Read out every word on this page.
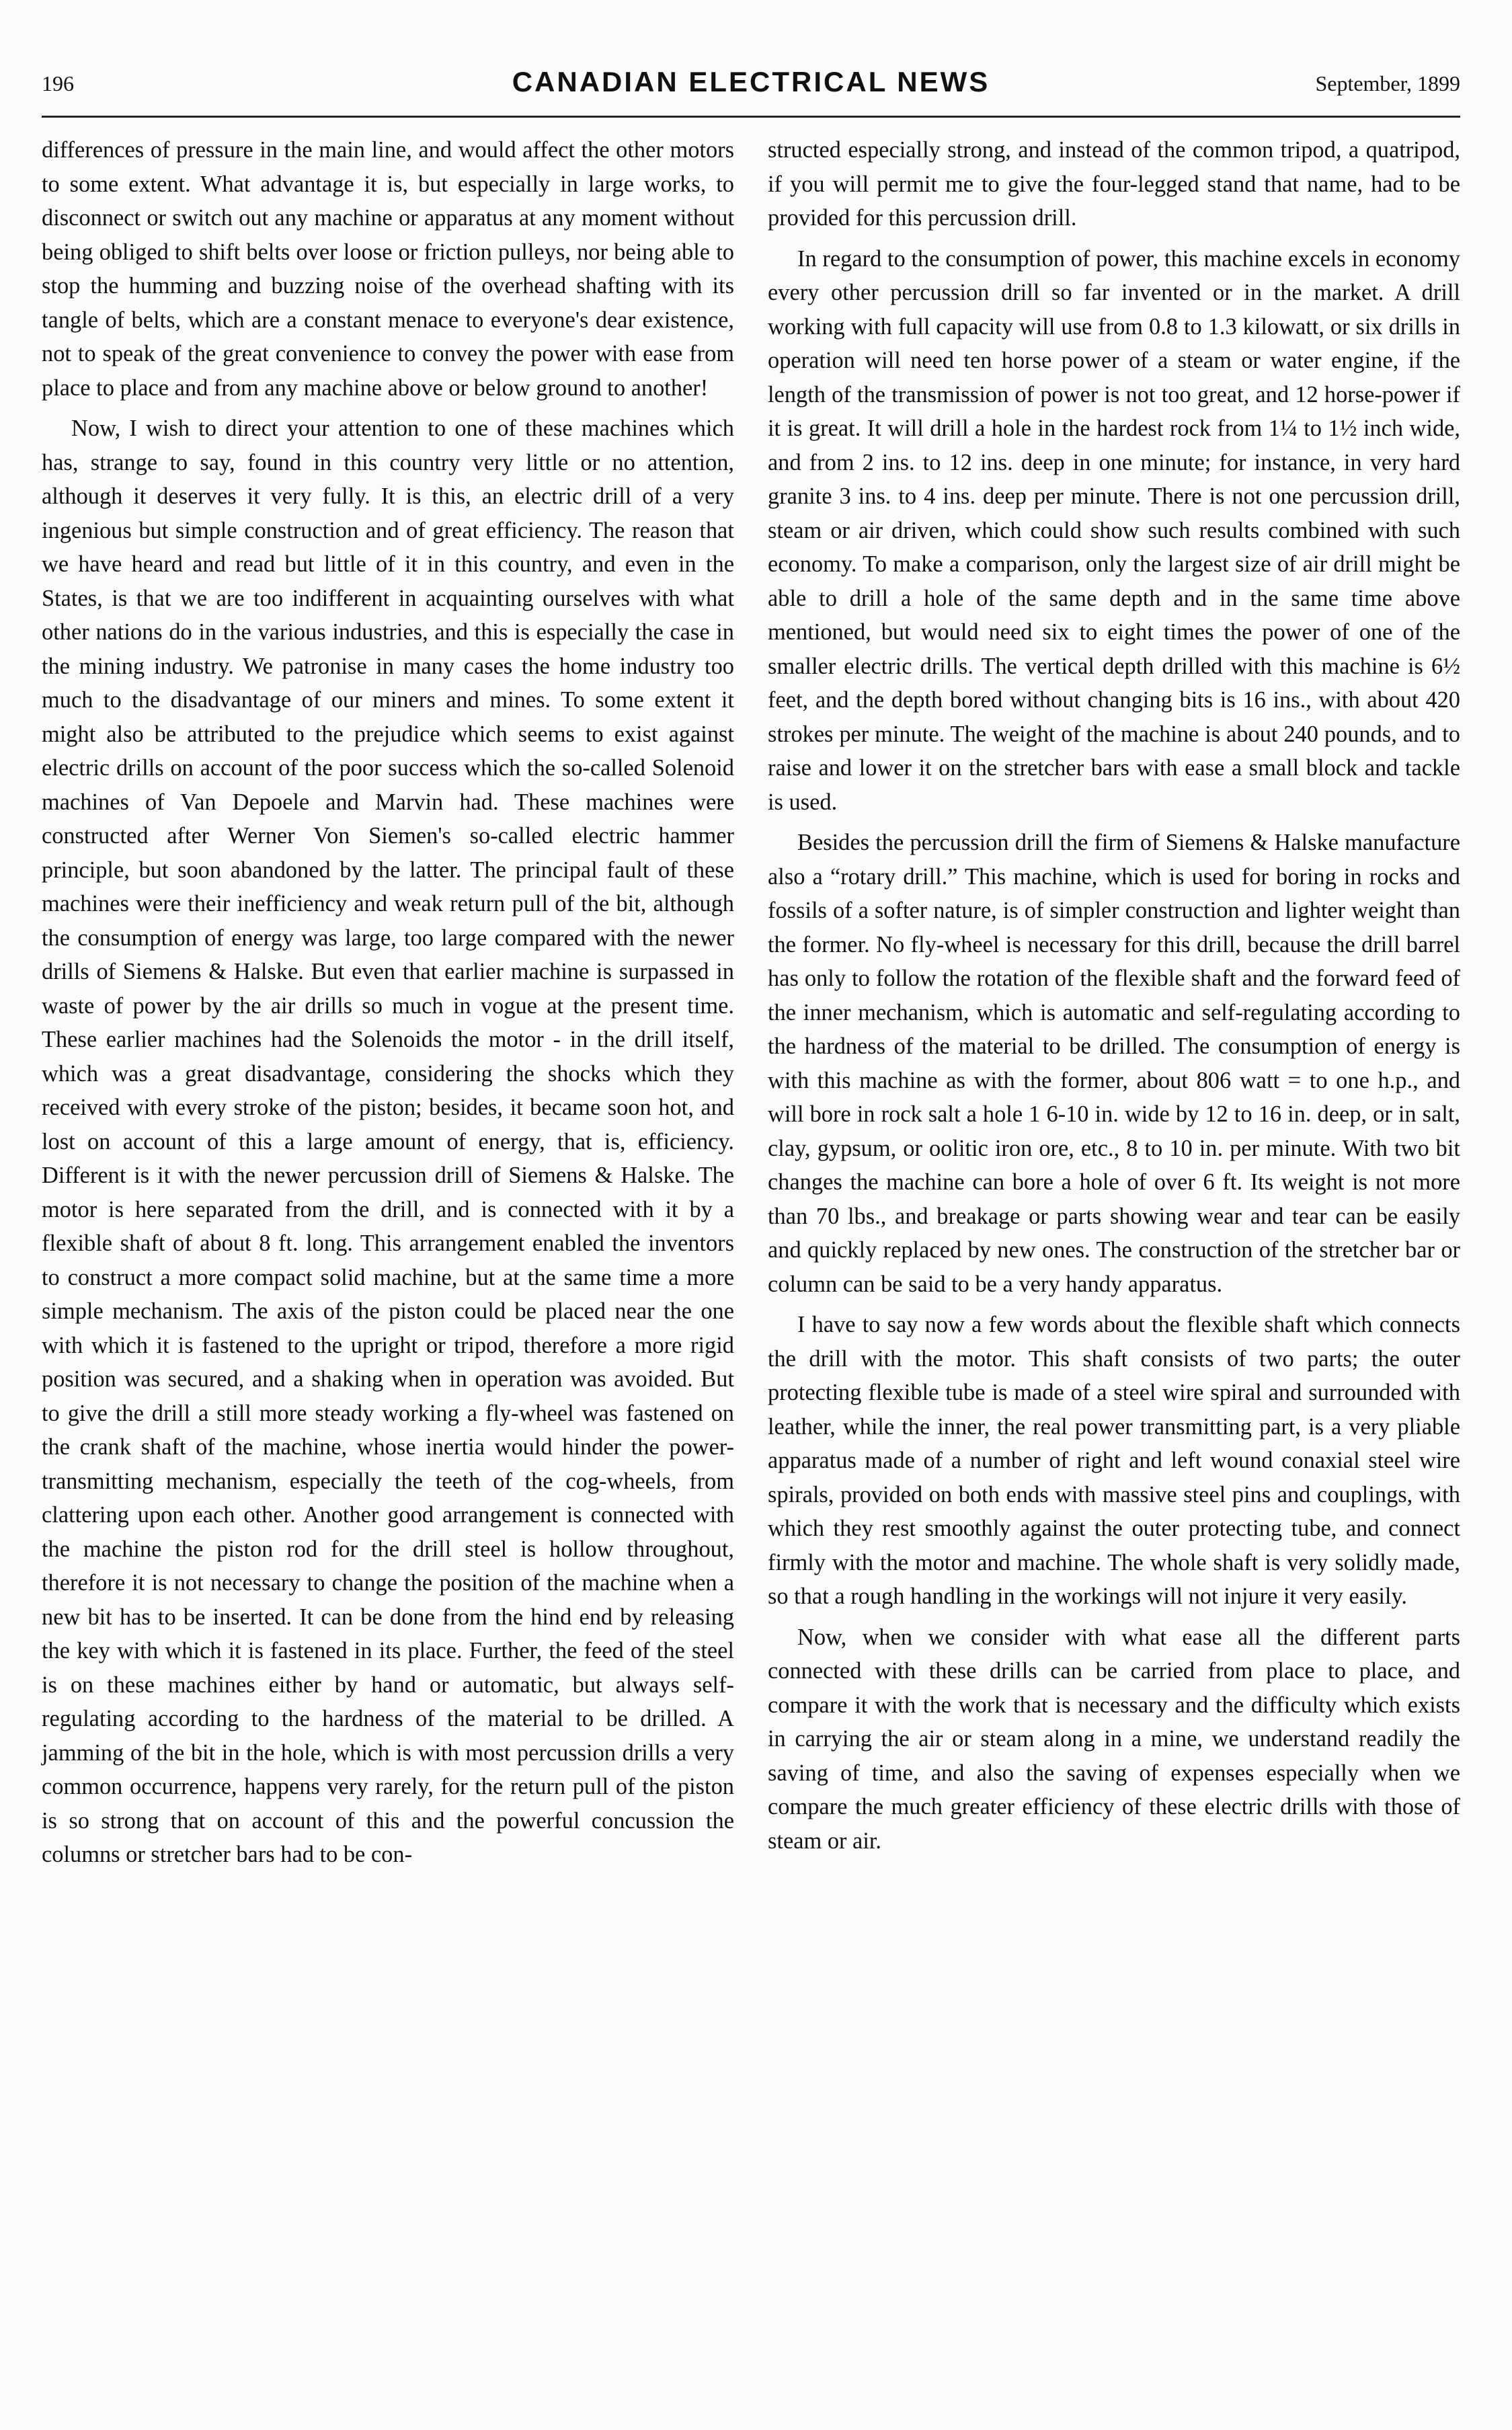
196	CANADIAN ELECTRICAL NEWS	September, 1899

differences of pressure in the main line, and would affect the other motors to some extent. What advantage it is, but especially in large works, to disconnect or switch out any machine or apparatus at any moment without being obliged to shift belts over loose or friction pulleys, nor being able to stop the humming and buzzing noise of the overhead shafting with its tangle of belts, which are a constant menace to everyone's dear existence, not to speak of the great convenience to convey the power with ease from place to place and from any machine above or below ground to another!

Now, I wish to direct your attention to one of these machines which has, strange to say, found in this country very little or no attention, although it deserves it very fully. It is this, an electric drill of a very ingenious but simple construction and of great efficiency. The reason that we have heard and read but little of it in this country, and even in the States, is that we are too indifferent in acquainting ourselves with what other nations do in the various industries, and this is especially the case in the mining industry. We patronise in many cases the home industry too much to the disadvantage of our miners and mines. To some extent it might also be attributed to the prejudice which seems to exist against electric drills on account of the poor success which the so-called Solenoid machines of Van Depoele and Marvin had. These machines were constructed after Werner Von Siemen's so-called electric hammer principle, but soon abandoned by the latter. The principal fault of these machines were their inefficiency and weak return pull of the bit, although the consumption of energy was large, too large compared with the newer drills of Siemens & Halske. But even that earlier machine is surpassed in waste of power by the air drills so much in vogue at the present time. These earlier machines had the Solenoids the motor - in the drill itself, which was a great disadvantage, considering the shocks which they received with every stroke of the piston; besides, it became soon hot, and lost on account of this a large amount of energy, that is, efficiency. Different is it with the newer percussion drill of Siemens & Halske. The motor is here separated from the drill, and is connected with it by a flexible shaft of about 8 ft. long. This arrangement enabled the inventors to construct a more compact solid machine, but at the same time a more simple mechanism. The axis of the piston could be placed near the one with which it is fastened to the upright or tripod, therefore a more rigid position was secured, and a shaking when in operation was avoided. But to give the drill a still more steady working a fly-wheel was fastened on the crank shaft of the machine, whose inertia would hinder the power-transmitting mechanism, especially the teeth of the cog-wheels, from clattering upon each other. Another good arrangement is connected with the machine the piston rod for the drill steel is hollow throughout, therefore it is not necessary to change the position of the machine when a new bit has to be inserted. It can be done from the hind end by releasing the key with which it is fastened in its place. Further, the feed of the steel is on these machines either by hand or automatic, but always self-regulating according to the hardness of the material to be drilled. A jamming of the bit in the hole, which is with most percussion drills a very common occurrence, happens very rarely, for the return pull of the piston is so strong that on account of this and the powerful concussion the columns or stretcher bars had to be con-

structed especially strong, and instead of the common tripod, a quatripod, if you will permit me to give the four-legged stand that name, had to be provided for this percussion drill.

In regard to the consumption of power, this machine excels in economy every other percussion drill so far invented or in the market. A drill working with full capacity will use from 0.8 to 1.3 kilowatt, or six drills in operation will need ten horse power of a steam or water engine, if the length of the transmission of power is not too great, and 12 horse-power if it is great. It will drill a hole in the hardest rock from 1¼ to 1½ inch wide, and from 2 ins. to 12 ins. deep in one minute; for instance, in very hard granite 3 ins. to 4 ins. deep per minute. There is not one percussion drill, steam or air driven, which could show such results combined with such economy. To make a comparison, only the largest size of air drill might be able to drill a hole of the same depth and in the same time above mentioned, but would need six to eight times the power of one of the smaller electric drills. The vertical depth drilled with this machine is 6½ feet, and the depth bored without changing bits is 16 ins., with about 420 strokes per minute. The weight of the machine is about 240 pounds, and to raise and lower it on the stretcher bars with ease a small block and tackle is used.

Besides the percussion drill the firm of Siemens & Halske manufacture also a “rotary drill.” This machine, which is used for boring in rocks and fossils of a softer nature, is of simpler construction and lighter weight than the former. No fly-wheel is necessary for this drill, because the drill barrel has only to follow the rotation of the flexible shaft and the forward feed of the inner mechanism, which is automatic and self-regulating according to the hardness of the material to be drilled. The consumption of energy is with this machine as with the former, about 806 watt = to one h.p., and will bore in rock salt a hole 1 6-10 in. wide by 12 to 16 in. deep, or in salt, clay, gypsum, or oolitic iron ore, etc., 8 to 10 in. per minute. With two bit changes the machine can bore a hole of over 6 ft. Its weight is not more than 70 lbs., and breakage or parts showing wear and tear can be easily and quickly replaced by new ones. The construction of the stretcher bar or column can be said to be a very handy apparatus.

I have to say now a few words about the flexible shaft which connects the drill with the motor. This shaft consists of two parts; the outer protecting flexible tube is made of a steel wire spiral and surrounded with leather, while the inner, the real power transmitting part, is a very pliable apparatus made of a number of right and left wound conaxial steel wire spirals, provided on both ends with massive steel pins and couplings, with which they rest smoothly against the outer protecting tube, and connect firmly with the motor and machine. The whole shaft is very solidly made, so that a rough handling in the workings will not injure it very easily.

Now, when we consider with what ease all the different parts connected with these drills can be carried from place to place, and compare it with the work that is necessary and the difficulty which exists in carrying the air or steam along in a mine, we understand readily the saving of time, and also the saving of expenses especially when we compare the much greater efficiency of these electric drills with those of steam or air.
